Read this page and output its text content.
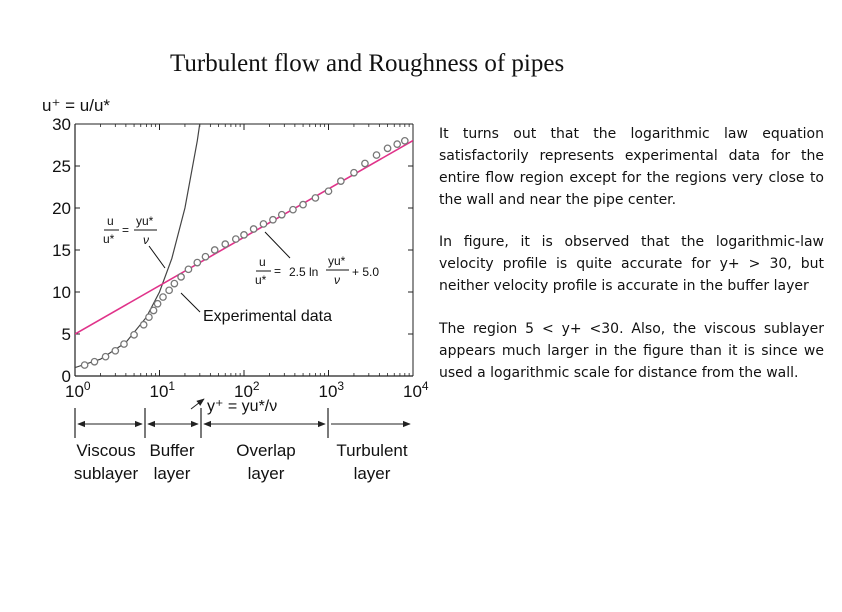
Turbulent flow and Roughness of pipes
0
5
10
15
20
25
30
$10^0$	$10^1$	$10^2$	$10^3$	$10^4$
u⁺ = u/u*
u
u*
=
yu*
ν
u
u*
= 2.5 ln
yu*
ν
+ 5.0
Experimental data
y⁺ = yu*/ν
Viscous
sublayer
Buffer
layer
Overlap
layer
Turbulent
layer

It turns out that the logarithmic law equation satisfactorily represents experimental data for the entire flow region except for the regions very close to the wall and near the pipe center.

In figure, it is observed that the logarithmic-law velocity profile is quite accurate for y+ > 30, but neither velocity profile is accurate in the buffer layer

The region 5 < y+ <30. Also, the viscous sublayer appears much larger in the figure than it is since we used a logarithmic scale for distance from the wall.
